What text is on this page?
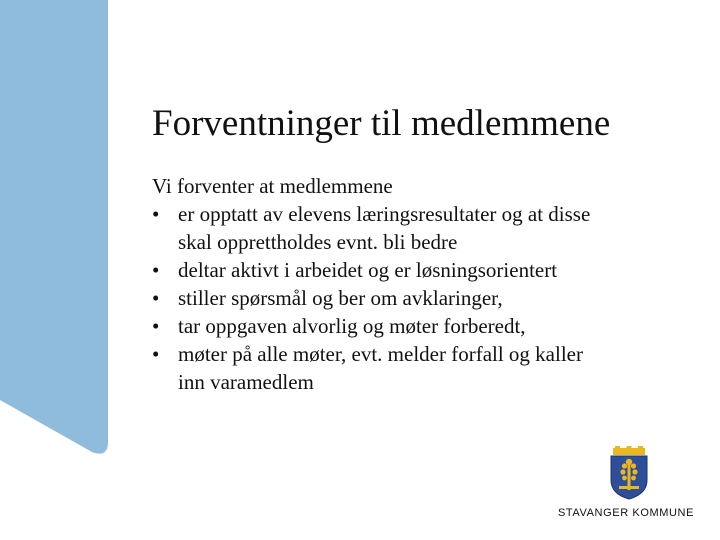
Forventninger til medlemmene

Vi forventer at medlemmene

• er opptatt av elevens læringsresultater og at disse
skal opprettholdes evnt. bli bedre
• deltar aktivt i arbeidet og er løsningsorientert
• stiller spørsmål og ber om avklaringer,
• tar oppgaven alvorlig og møter forberedt,
• møter på alle møter, evt. melder forfall og kaller
inn varamedlem
STAVANGER KOMMUNE
